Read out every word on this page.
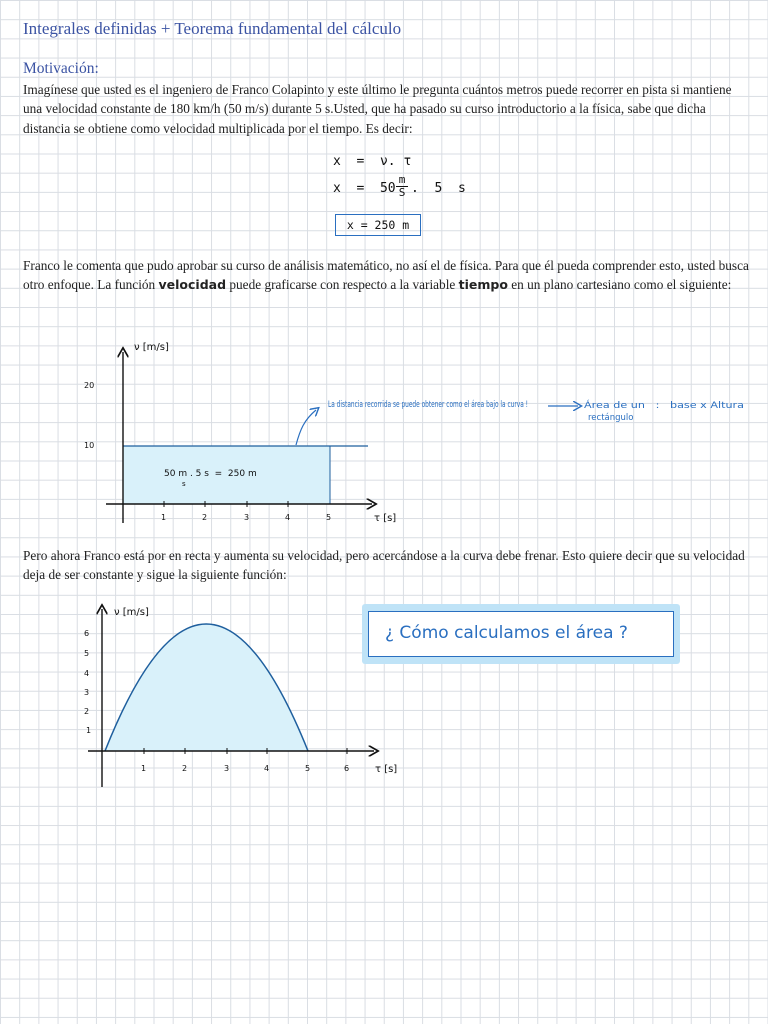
Integrales definidas + Teorema fundamental del cálculo
Motivación:
Imagínese que usted es el ingeniero de Franco Colapinto y este último le pregunta cuántos metros puede recorrer en pista si mantiene una velocidad constante de 180 km/h (50 m/s) durante 5 s.Usted, que ha pasado su curso introductorio a la física, sabe que dicha distancia se obtiene como velocidad multiplicada por el tiempo. Es decir:
x  =  ν. τ
$x = 50 \frac{m}{S}$ .  5  s
x = 250 m
Franco le comenta que pudo aprobar su curso de análisis matemático, no así el de física. Para que él pueda comprender esto, usted busca otro enfoque. La función velocidad puede graficarse con respecto a la variable tiempo en un plano cartesiano como el siguiente:
ν [m/s]
τ [s]
20
10
1	2	3	4	5
50 m . 5 s  =  250 m
s
La distancia recorrida se puede obtener como el área bajo la curva !	Área de un   :   base x Altura
rectángulo
Pero ahora Franco está por en recta y aumenta su velocidad, pero acercándose a la curva debe frenar. Esto quiere decir que su velocidad deja de ser constante y sigue la siguiente función:
ν [m/s]
τ [s]
6
5
4
3
2
1
1	2	3	4	5	6
¿ Cómo calculamos el área ?
